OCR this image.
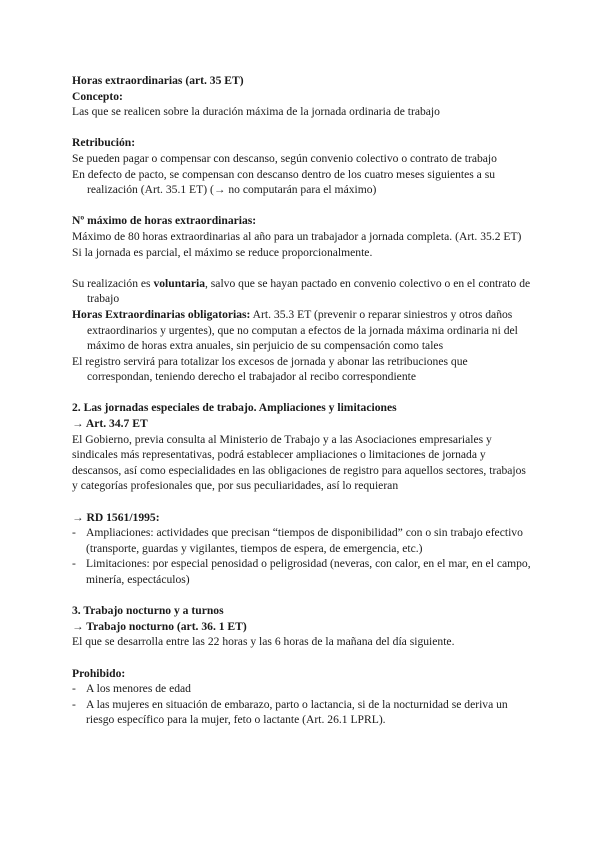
Horas extraordinarias (art. 35 ET)

Concepto:

Las que se realicen sobre la duración máxima de la jornada ordinaria de trabajo

Retribución:

Se pueden pagar o compensar con descanso, según convenio colectivo o contrato de trabajo

En defecto de pacto, se compensan con descanso dentro de los cuatro meses siguientes a su realización (Art. 35.1 ET) (→ no computarán para el máximo)

Nº máximo de horas extraordinarias:

Máximo de 80 horas extraordinarias al año para un trabajador a jornada completa. (Art. 35.2 ET)

Si la jornada es parcial, el máximo se reduce proporcionalmente.

Su realización es voluntaria, salvo que se hayan pactado en convenio colectivo o en el contrato de trabajo

Horas Extraordinarias obligatorias: Art. 35.3 ET (prevenir o reparar siniestros y otros daños extraordinarios y urgentes), que no computan a efectos de la jornada máxima ordinaria ni del máximo de horas extra anuales, sin perjuicio de su compensación como tales

El registro servirá para totalizar los excesos de jornada y abonar las retribuciones que correspondan, teniendo derecho el trabajador al recibo correspondiente

2. Las jornadas especiales de trabajo. Ampliaciones y limitaciones

→ Art. 34.7 ET

El Gobierno, previa consulta al Ministerio de Trabajo y a las Asociaciones empresariales y sindicales más representativas, podrá establecer ampliaciones o limitaciones de jornada y descansos, así como especialidades en las obligaciones de registro para aquellos sectores, trabajos y categorías profesionales que, por sus peculiaridades, así lo requieran

→ RD 1561/1995:

- Ampliaciones: actividades que precisan “tiempos de disponibilidad” con o sin trabajo efectivo (transporte, guardas y vigilantes, tiempos de espera, de emergencia, etc.)
- Limitaciones: por especial penosidad o peligrosidad (neveras, con calor, en el mar, en el campo, minería, espectáculos)

3. Trabajo nocturno y a turnos

→ Trabajo nocturno (art. 36. 1 ET)

El que se desarrolla entre las 22 horas y las 6 horas de la mañana del día siguiente.

Prohibido:

- A los menores de edad
- A las mujeres en situación de embarazo, parto o lactancia, si de la nocturnidad se deriva un riesgo específico para la mujer, feto o lactante (Art. 26.1 LPRL).
